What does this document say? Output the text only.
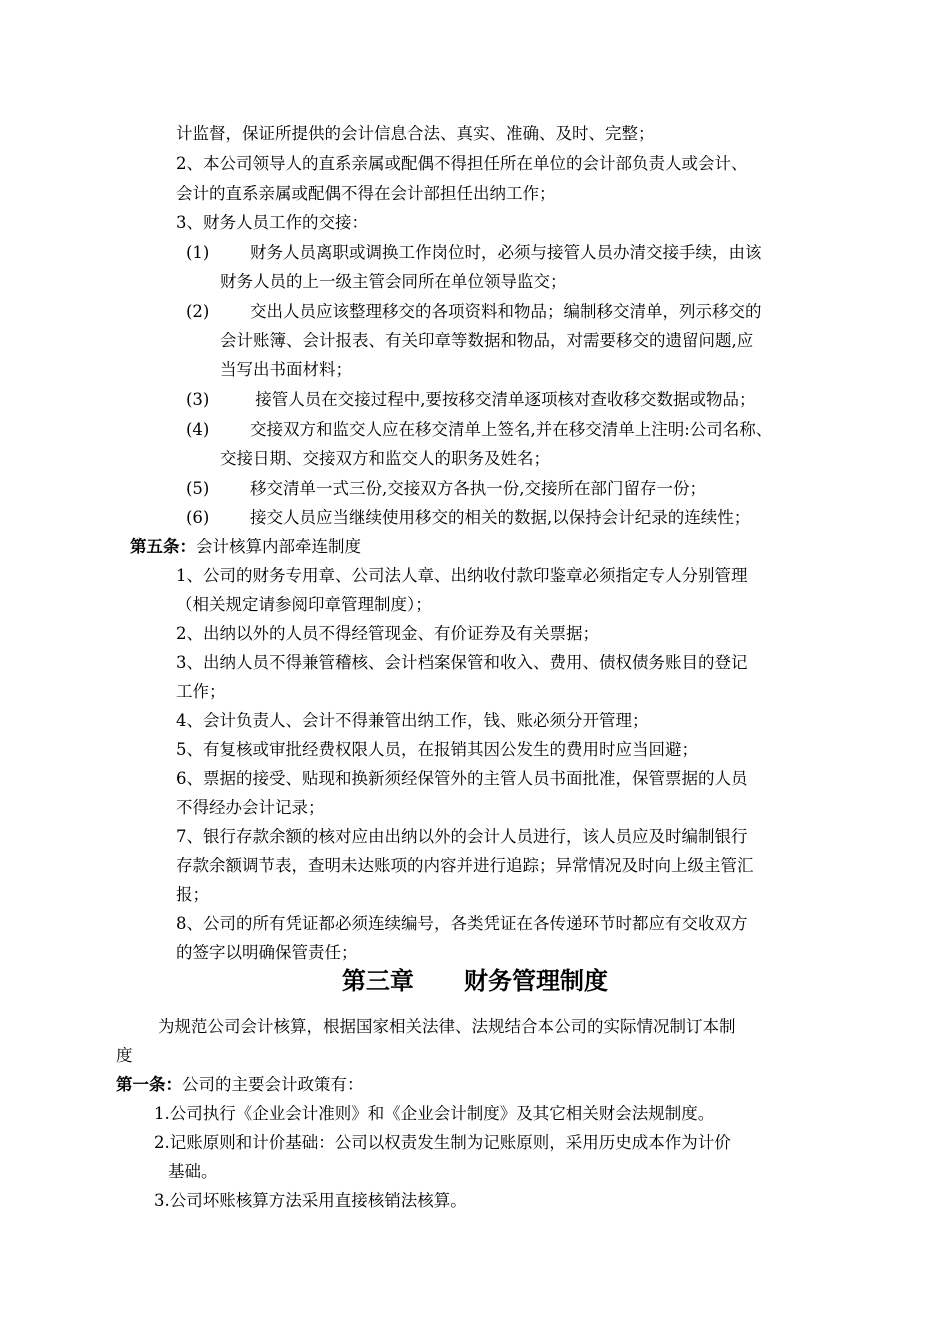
计监督，保证所提供的会计信息合法、真实、准确、及时、完整；
2、本公司领导人的直系亲属或配偶不得担任所在单位的会计部负责人或会计、
会计的直系亲属或配偶不得在会计部担任出纳工作；
3、财务人员工作的交接：
(1) 财务人员离职或调换工作岗位时，必须与接管人员办清交接手续，由该
财务人员的上一级主管会同所在单位领导监交；
(2) 交出人员应该整理移交的各项资料和物品；编制移交清单，列示移交的
会计账簿、会计报表、有关印章等数据和物品，对需要移交的遗留问题,应
当写出书面材料；
(3) 接管人员在交接过程中,要按移交清单逐项核对查收移交数据或物品；
(4) 交接双方和监交人应在移交清单上签名,并在移交清单上注明:公司名称、
交接日期、交接双方和监交人的职务及姓名；
(5) 移交清单一式三份,交接双方各执一份,交接所在部门留存一份；
(6) 接交人员应当继续使用移交的相关的数据,以保持会计纪录的连续性；
第五条：会计核算内部牵连制度
1、公司的财务专用章、公司法人章、出纳收付款印鉴章必须指定专人分别管理
（相关规定请参阅印章管理制度）；
2、出纳以外的人员不得经管现金、有价证券及有关票据；
3、出纳人员不得兼管稽核、会计档案保管和收入、费用、债权债务账目的登记
工作；
4、会计负责人、会计不得兼管出纳工作，钱、账必须分开管理；
5、有复核或审批经费权限人员，在报销其因公发生的费用时应当回避；
6、票据的接受、贴现和换新须经保管外的主管人员书面批准，保管票据的人员
不得经办会计记录；
7、银行存款余额的核对应由出纳以外的会计人员进行，该人员应及时编制银行
存款余额调节表，查明未达账项的内容并进行追踪；异常情况及时向上级主管汇
报；
8、公司的所有凭证都必须连续编号，各类凭证在各传递环节时都应有交收双方
的签字以明确保管责任；
第三章      财务管理制度
为规范公司会计核算，根据国家相关法律、法规结合本公司的实际情况制订本制
度
第一条：公司的主要会计政策有：
1.公司执行《企业会计准则》和《企业会计制度》及其它相关财会法规制度。
2.记账原则和计价基础：公司以权责发生制为记账原则，采用历史成本作为计价
基础。
3.公司坏账核算方法采用直接核销法核算。
